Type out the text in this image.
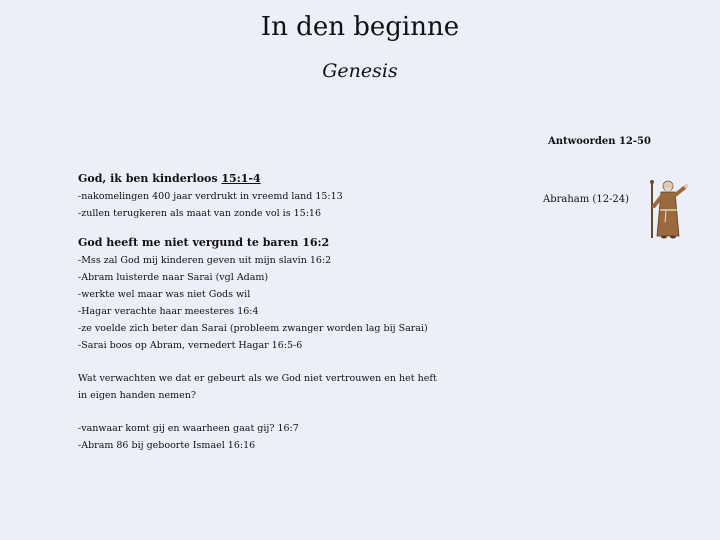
In den beginne
Genesis
Antwoorden 12-50
Abraham (12-24)
God, ik ben kinderloos 15:1-4
-nakomelingen 400 jaar verdrukt in vreemd land 15:13
-zullen terugkeren als maat van zonde vol is 15:16
God heeft me niet vergund te baren 16:2
-Mss zal God mij kinderen geven uit mijn slavin 16:2
-Abram luisterde naar Sarai (vgl Adam)
-werkte wel maar was niet Gods wil
-Hagar verachte haar meesteres 16:4
-ze voelde zich beter dan Sarai (probleem zwanger worden lag bij Sarai)
-Sarai boos op Abram, vernedert Hagar 16:5-6
Wat verwachten we dat er gebeurt als we God niet vertrouwen en het heft
in eigen handen nemen?
-vanwaar komt gij en waarheen gaat gij? 16:7
-Abram 86 bij geboorte Ismael 16:16
